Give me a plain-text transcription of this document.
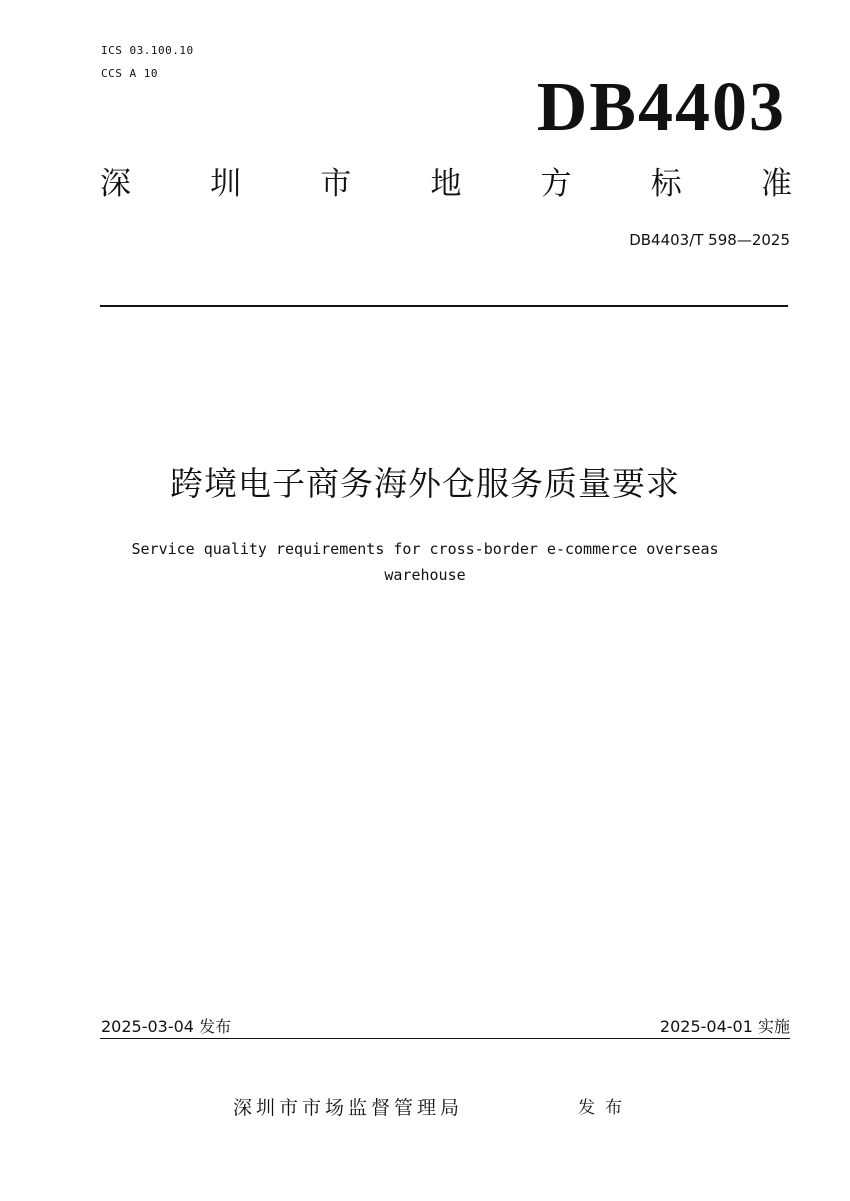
ICS 03.100.10
CCS A 10	DB4403
深	圳	市	地	方	标	准
DB4403/T 598—2025
跨境电子商务海外仓服务质量要求
Service quality requirements for cross-border e-commerce overseas warehouse
2025-03-04 发布	2025-04-01 实施
深圳市市场监督管理局	发布
